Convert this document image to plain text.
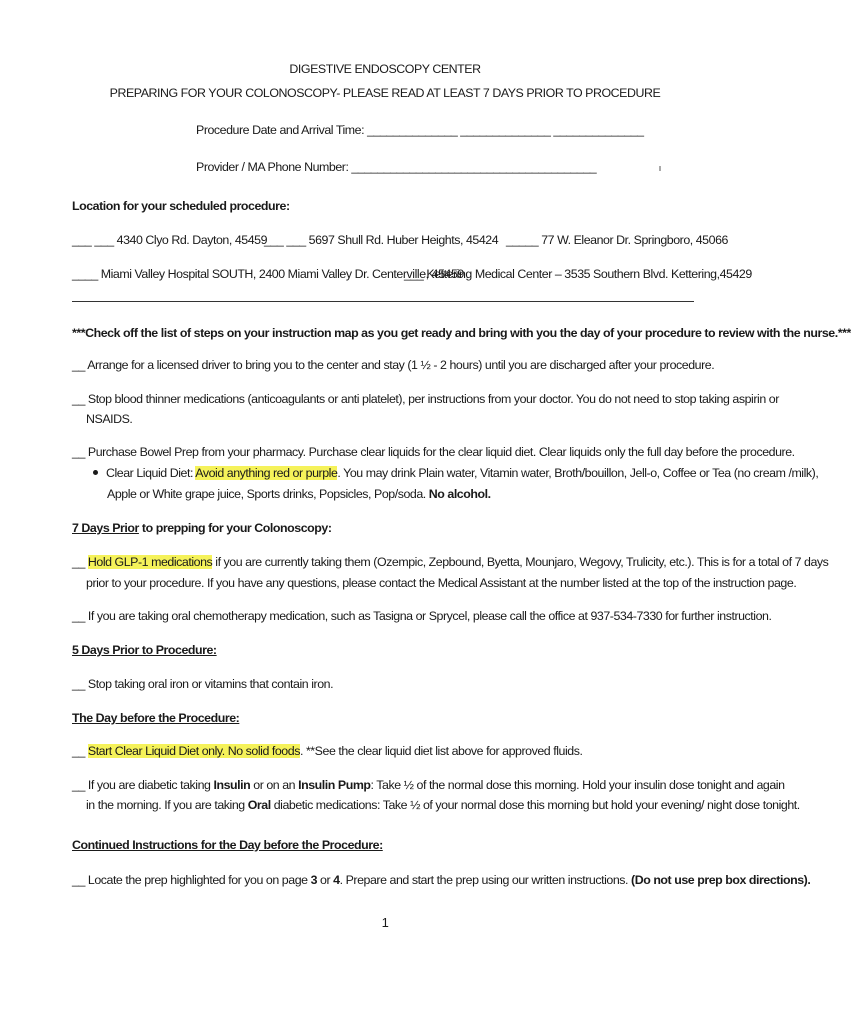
DIGESTIVE ENDOSCOPY CENTER
PREPARING FOR YOUR COLONOSCOPY- PLEASE READ AT LEAST 7 DAYS PRIOR TO PROCEDURE
Procedure Date and Arrival Time: ______________ ______________ ______________
Provider / MA Phone Number: ______________________________________
Location for your scheduled procedure:
___ ___ 4340 Clyo Rd. Dayton, 45459
___ ___ 5697 Shull Rd. Huber Heights, 45424 _____ 77 W. Eleanor Dr. Springboro, 45066
____ Miami Valley Hospital SOUTH, 2400 Miami Valley Dr. Centerville, 45459
___ Kettering Medical Center – 3535 Southern Blvd. Kettering,45429
***Check off the list of steps on your instruction map as you get ready and bring with you the day of your procedure to review with the nurse.***
__ Arrange for a licensed driver to bring you to the center and stay (1 ½ - 2 hours) until you are discharged after your procedure.
__ Stop blood thinner medications (anticoagulants or anti platelet), per instructions from your doctor. You do not need to stop taking aspirin or
NSAIDS.
__ Purchase Bowel Prep from your pharmacy. Purchase clear liquids for the clear liquid diet. Clear liquids only the full day before the procedure.
Clear Liquid Diet: Avoid anything red or purple. You may drink Plain water, Vitamin water, Broth/bouillon, Jell-o, Coffee or Tea (no cream /milk),
Apple or White grape juice, Sports drinks, Popsicles, Pop/soda. No alcohol.
7 Days Prior to prepping for your Colonoscopy:
__ Hold GLP-1 medications if you are currently taking them (Ozempic, Zepbound, Byetta, Mounjaro, Wegovy, Trulicity, etc.). This is for a total of 7 days
prior to your procedure. If you have any questions, please contact the Medical Assistant at the number listed at the top of the instruction page.
__ If you are taking oral chemotherapy medication, such as Tasigna or Sprycel, please call the office at 937-534-7330 for further instruction.
5 Days Prior to Procedure:
__ Stop taking oral iron or vitamins that contain iron.
The Day before the Procedure:
__ Start Clear Liquid Diet only. No solid foods. **See the clear liquid diet list above for approved fluids.
__ If you are diabetic taking Insulin or on an Insulin Pump: Take ½ of the normal dose this morning. Hold your insulin dose tonight and again
in the morning. If you are taking Oral diabetic medications: Take ½ of your normal dose this morning but hold your evening/ night dose tonight.
Continued Instructions for the Day before the Procedure:
__ Locate the prep highlighted for you on page 3 or 4. Prepare and start the prep using our written instructions. (Do not use prep box directions).
1
